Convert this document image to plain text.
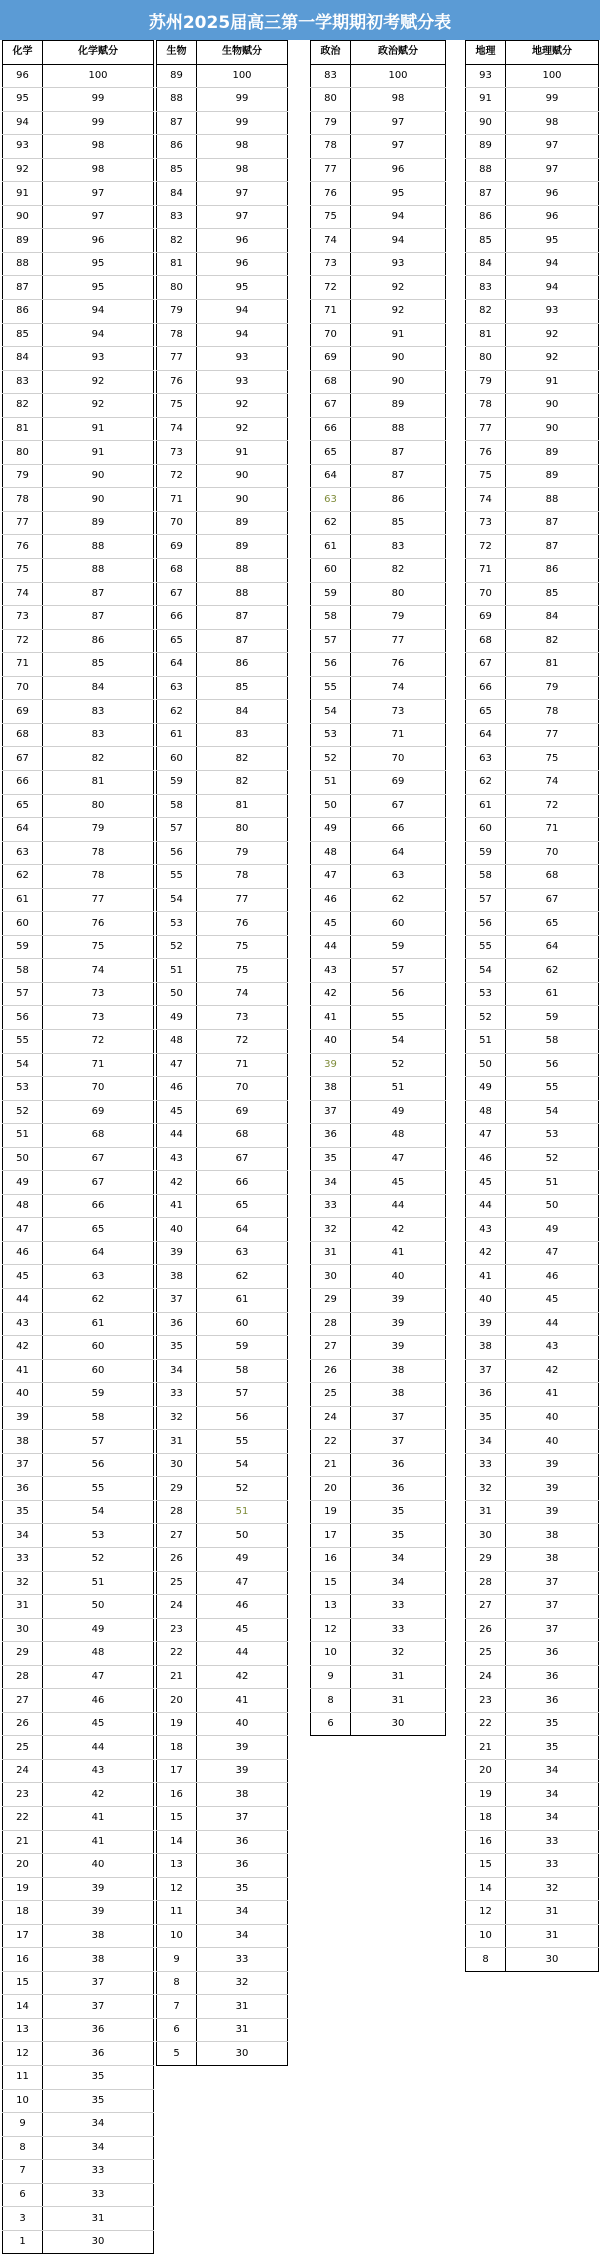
苏州2025届高三第一学期期初考赋分表
化学	化学赋分
96	100
95	99
94	99
93	98
92	98
91	97
90	97
89	96
88	95
87	95
86	94
85	94
84	93
83	92
82	92
81	91
80	91
79	90
78	90
77	89
76	88
75	88
74	87
73	87
72	86
71	85
70	84
69	83
68	83
67	82
66	81
65	80
64	79
63	78
62	78
61	77
60	76
59	75
58	74
57	73
56	73
55	72
54	71
53	70
52	69
51	68
50	67
49	67
48	66
47	65
46	64
45	63
44	62
43	61
42	60
41	60
40	59
39	58
38	57
37	56
36	55
35	54
34	53
33	52
32	51
31	50
30	49
29	48
28	47
27	46
26	45
25	44
24	43
23	42
22	41
21	41
20	40
19	39
18	39
17	38
16	38
15	37
14	37
13	36
12	36
11	35
10	35
9	34
8	34
7	33
6	33
3	31
1	30
生物	生物赋分
89	100
88	99
87	99
86	98
85	98
84	97
83	97
82	96
81	96
80	95
79	94
78	94
77	93
76	93
75	92
74	92
73	91
72	90
71	90
70	89
69	89
68	88
67	88
66	87
65	87
64	86
63	85
62	84
61	83
60	82
59	82
58	81
57	80
56	79
55	78
54	77
53	76
52	75
51	75
50	74
49	73
48	72
47	71
46	70
45	69
44	68
43	67
42	66
41	65
40	64
39	63
38	62
37	61
36	60
35	59
34	58
33	57
32	56
31	55
30	54
29	52
28	51
27	50
26	49
25	47
24	46
23	45
22	44
21	42
20	41
19	40
18	39
17	39
16	38
15	37
14	36
13	36
12	35
11	34
10	34
9	33
8	32
7	31
6	31
5	30
政治	政治赋分
83	100
80	98
79	97
78	97
77	96
76	95
75	94
74	94
73	93
72	92
71	92
70	91
69	90
68	90
67	89
66	88
65	87
64	87
63	86
62	85
61	83
60	82
59	80
58	79
57	77
56	76
55	74
54	73
53	71
52	70
51	69
50	67
49	66
48	64
47	63
46	62
45	60
44	59
43	57
42	56
41	55
40	54
39	52
38	51
37	49
36	48
35	47
34	45
33	44
32	42
31	41
30	40
29	39
28	39
27	39
26	38
25	38
24	37
22	37
21	36
20	36
19	35
17	35
16	34
15	34
13	33
12	33
10	32
9	31
8	31
6	30
地理	地理赋分
93	100
91	99
90	98
89	97
88	97
87	96
86	96
85	95
84	94
83	94
82	93
81	92
80	92
79	91
78	90
77	90
76	89
75	89
74	88
73	87
72	87
71	86
70	85
69	84
68	82
67	81
66	79
65	78
64	77
63	75
62	74
61	72
60	71
59	70
58	68
57	67
56	65
55	64
54	62
53	61
52	59
51	58
50	56
49	55
48	54
47	53
46	52
45	51
44	50
43	49
42	47
41	46
40	45
39	44
38	43
37	42
36	41
35	40
34	40
33	39
32	39
31	39
30	38
29	38
28	37
27	37
26	37
25	36
24	36
23	36
22	35
21	35
20	34
19	34
18	34
16	33
15	33
14	32
12	31
10	31
8	30
